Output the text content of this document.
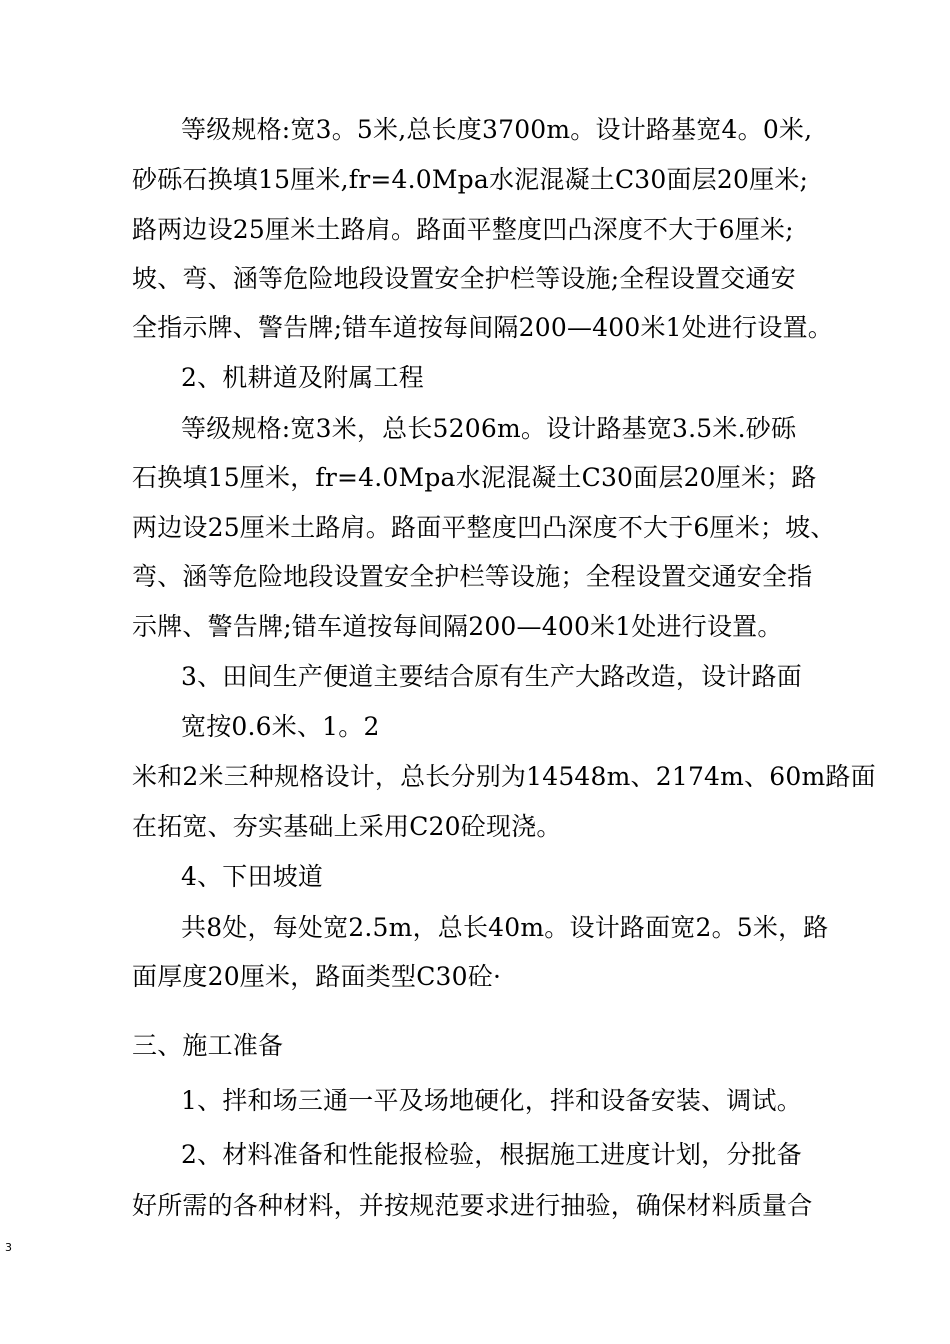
等级规格:宽3。5米,总长度3700m。设计路基宽4。0米,
砂砾石换填15厘米,fr=4.0Mpa水泥混凝土C30面层20厘米;
路两边设25厘米土路肩。路面平整度凹凸深度不大于6厘米;
坡、弯、涵等危险地段设置安全护栏等设施;全程设置交通安
全指示牌、警告牌;错车道按每间隔200—400米1处进行设置。
2、机耕道及附属工程
等级规格:宽3米，总长5206m。设计路基宽3.5米.砂砾
石换填15厘米，fr=4.0Mpa水泥混凝土C30面层20厘米；路
两边设25厘米土路肩。路面平整度凹凸深度不大于6厘米；坡、
弯、涵等危险地段设置安全护栏等设施；全程设置交通安全指
示牌、警告牌;错车道按每间隔200—400米1处进行设置。
3、田间生产便道主要结合原有生产大路改造，设计路面
宽按0.6米、1。2
米和2米三种规格设计，总长分别为14548m、2174m、60m路面
在拓宽、夯实基础上采用C20砼现浇。
4、下田坡道
共8处，每处宽2.5m，总长40m。设计路面宽2。5米，路
面厚度20厘米，路面类型C30砼·
三、施工准备
1、拌和场三通一平及场地硬化，拌和设备安装、调试。
2、材料准备和性能报检验，根据施工进度计划，分批备
好所需的各种材料，并按规范要求进行抽验，确保材料质量合
3
